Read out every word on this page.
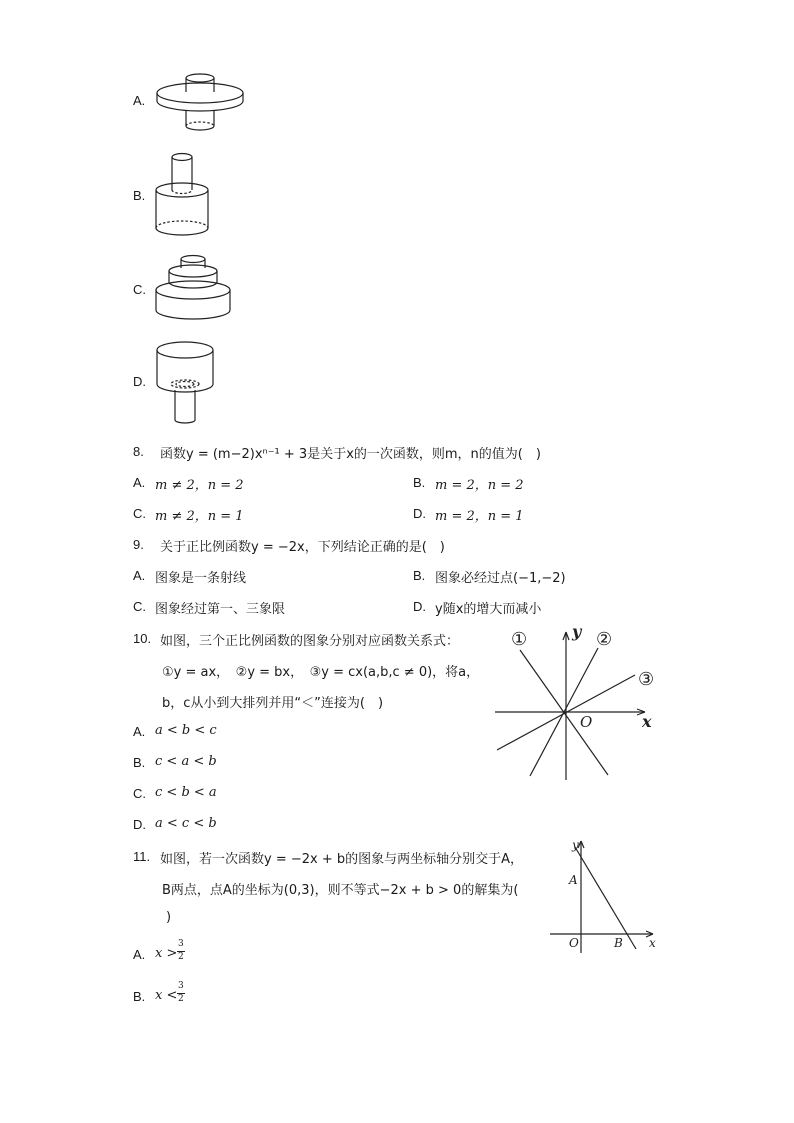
A.
B.
C.
D.
8. 函数y = (m−2)xⁿ⁻¹ + 3是关于x的一次函数，则m，n的值为(　)
A. m ≠ 2，n = 2	B. m = 2，n = 2
C. m ≠ 2，n = 1	D. m = 2，n = 1
9. 关于正比例函数y = −2x，下列结论正确的是(　)
A. 图象是一条射线	B. 图象必经过点(−1,−2)
C. 图象经过第一、三象限	D. y随x的增大而减小
10. 如图，三个正比例函数的图象分别对应函数关系式：
①y = ax，　②y = bx，　③y = cx(a,b,c ≠ 0)，将a，
b，c从小到大排列并用“＜”连接为(　)
①	②
③
y
x
O
A. a < b < c
B. c < a < b
C. c < b < a
D. a < c < b
11. 如图，若一次函数y = −2x + b的图象与两坐标轴分别交于A，
B两点，点A的坐标为(0,3)，则不等式−2x + b > 0的解集为(
)
y
x
O
A
B
A. x >
3
2
B. x <
3
2
